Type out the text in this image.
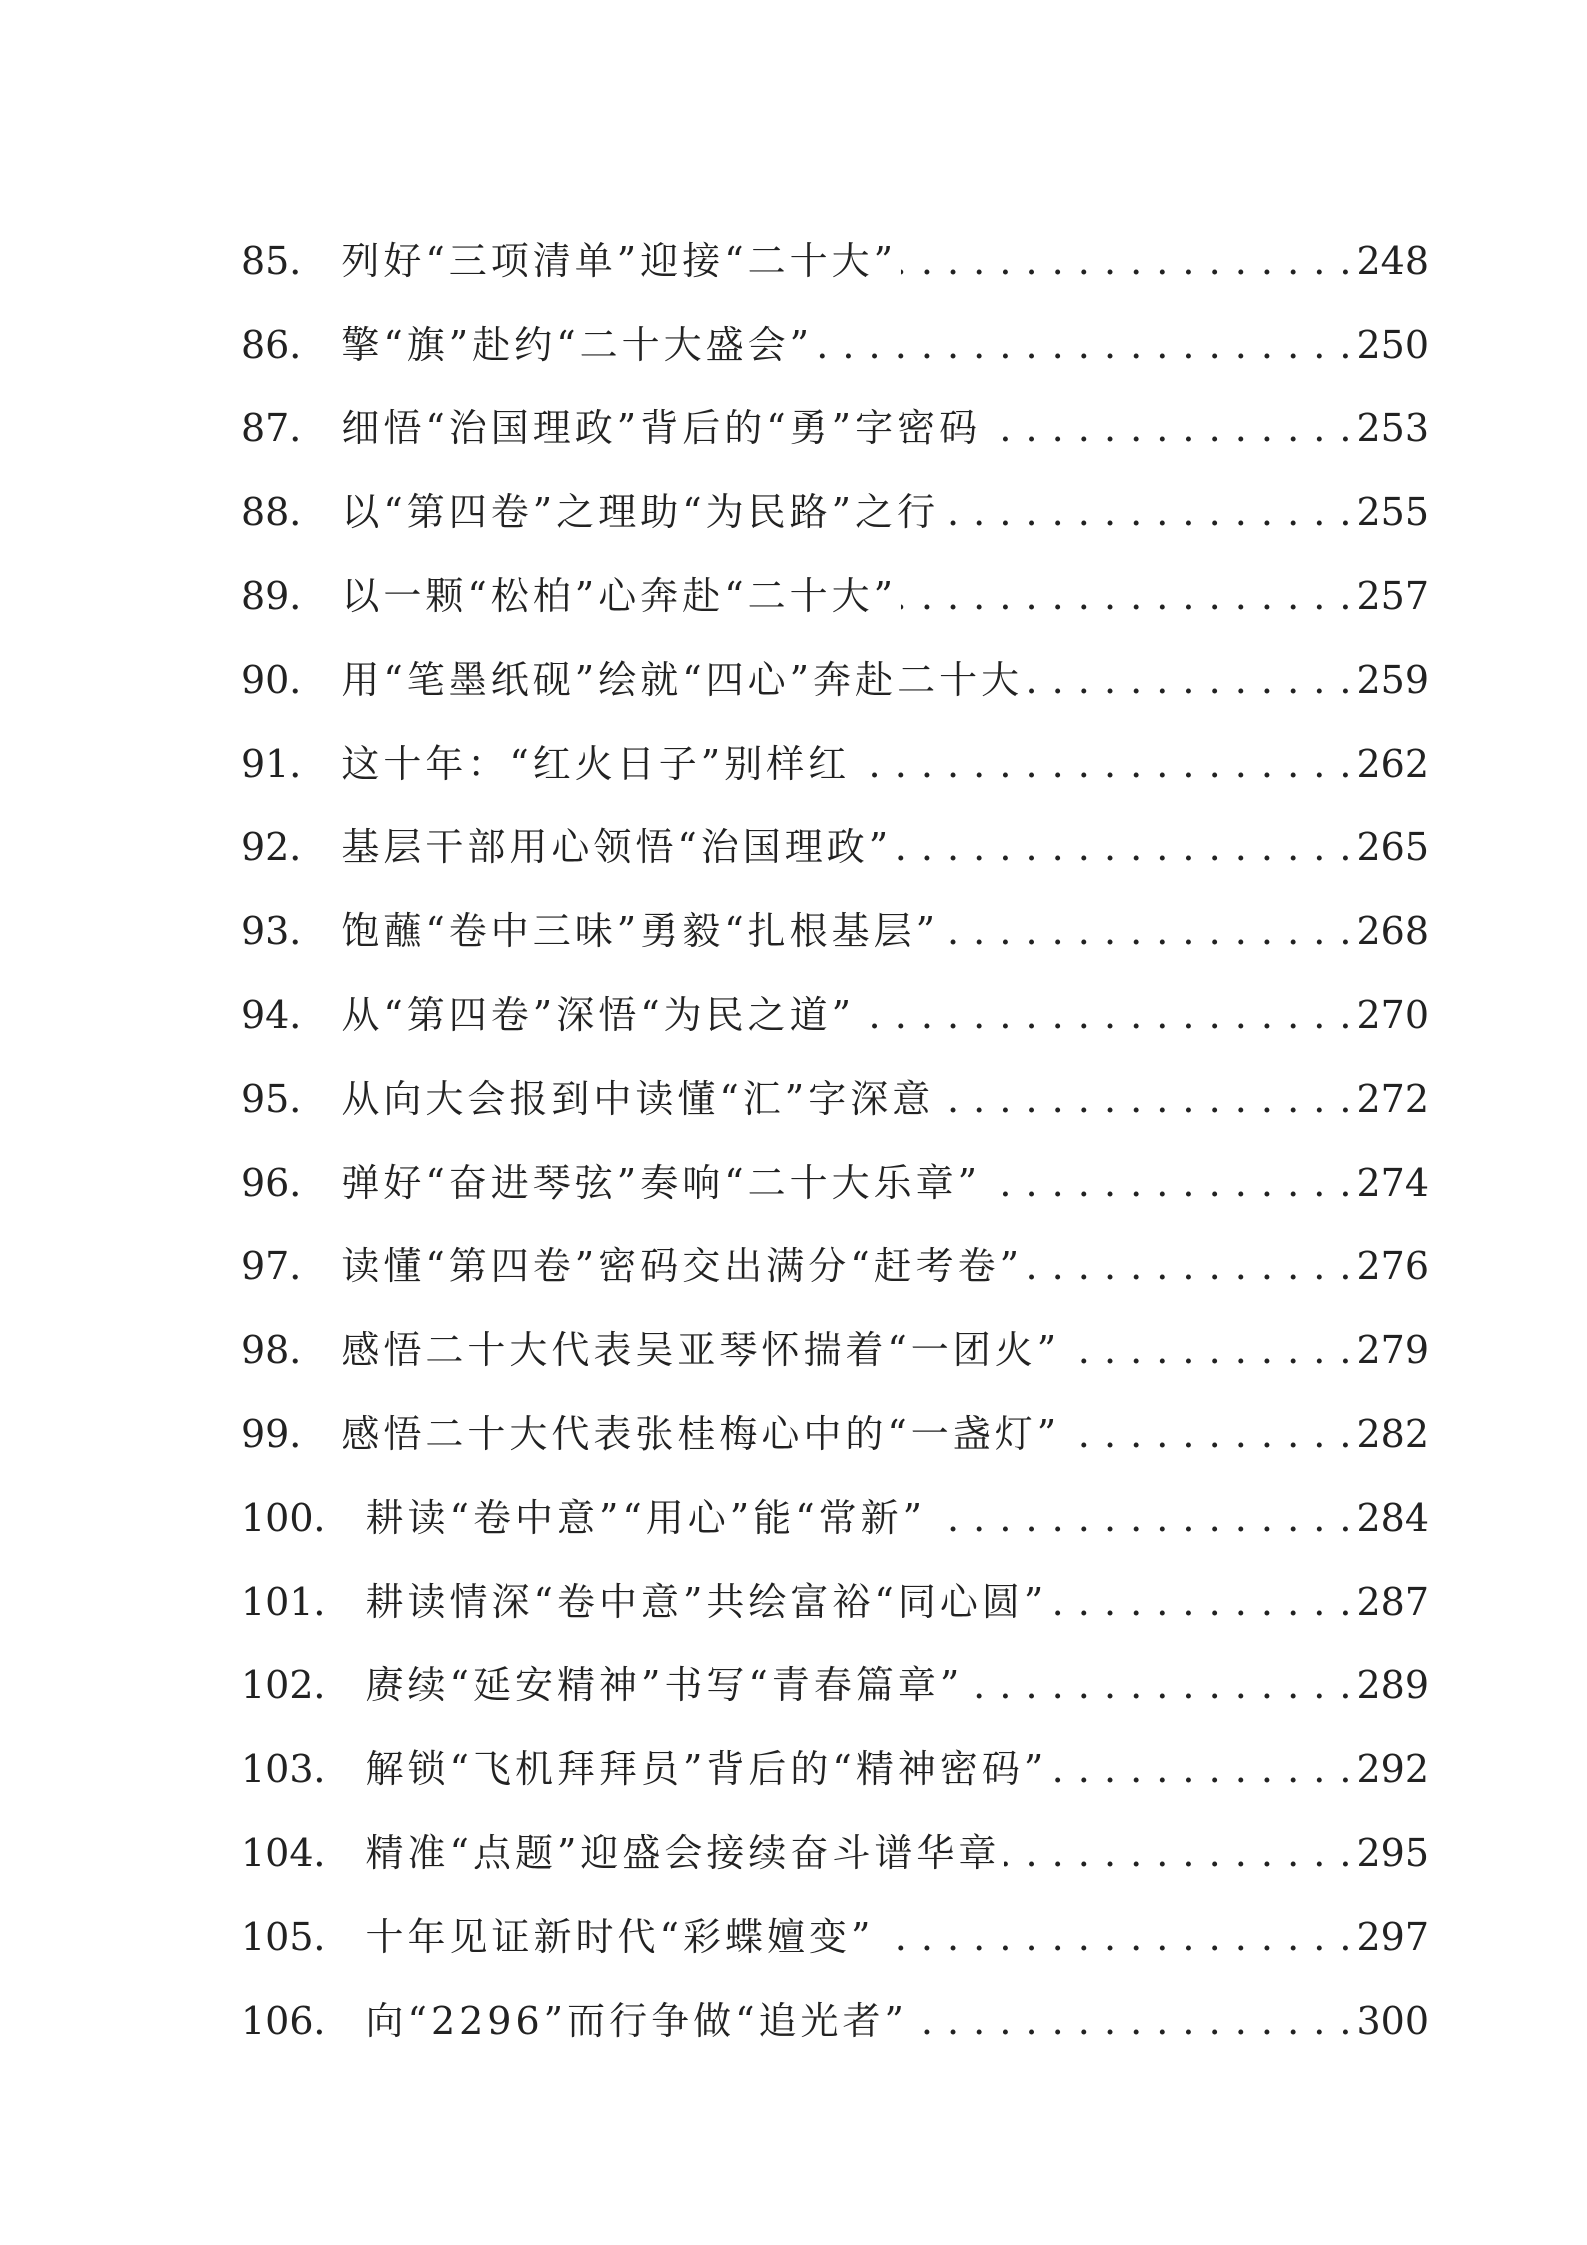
85． 列好“三项清单”迎接“二十大” . . .	248
86． 擎“旗”赴约“二十大盛会” . . .	250
87． 细悟“治国理政”背后的“勇”字密码 . . .	253
88． 以“第四卷”之理助“为民路”之行 . . .	255
89． 以一颗“松柏”心奔赴“二十大” . . .	257
90． 用“笔墨纸砚”绘就“四心”奔赴二十大 . . .	259
91． 这十年：“红火日子”别样红 . . .	262
92． 基层干部用心领悟“治国理政” . . .	265
93． 饱蘸“卷中三味”勇毅“扎根基层” . . .	268
94． 从“第四卷”深悟“为民之道” . . .	270
95． 从向大会报到中读懂“汇”字深意 . . .	272
96． 弹好“奋进琴弦”奏响“二十大乐章” . . .	274
97． 读懂“第四卷”密码交出满分“赶考卷” . . .	276
98． 感悟二十大代表吴亚琴怀揣着“一团火” . . .	279
99． 感悟二十大代表张桂梅心中的“一盏灯” . . .	282
100． 耕读“卷中意”“用心”能“常新” . . .	284
101． 耕读情深“卷中意”共绘富裕“同心圆” . . .	287
102． 赓续“延安精神”书写“青春篇章” . . .	289
103． 解锁“飞机拜拜员”背后的“精神密码” . . .	292
104． 精准“点题”迎盛会接续奋斗谱华章 . . .	295
105． 十年见证新时代“彩蝶嬗变” . . .	297
106． 向“2296”而行争做“追光者” . . .	300
